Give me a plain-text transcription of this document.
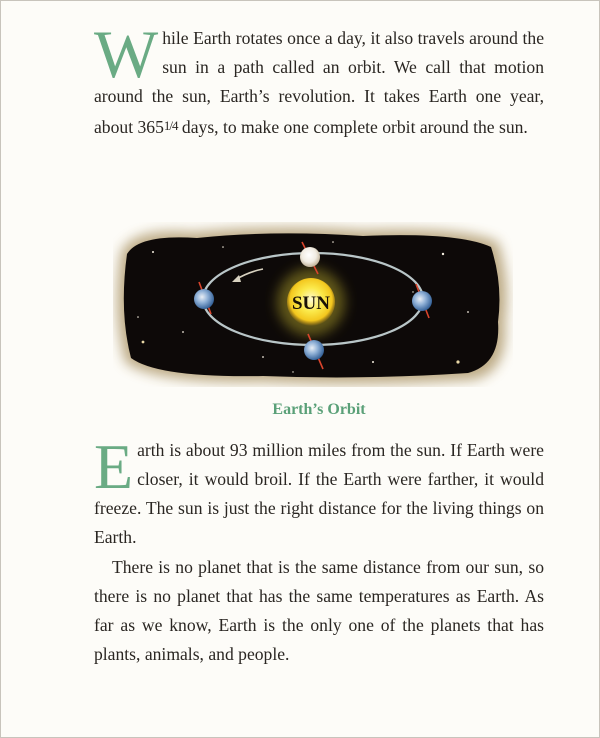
While Earth rotates once a day, it also travels around the sun in a path called an orbit. We call that motion around the sun, Earth’s revolution. It takes Earth one year, about 3651/4 days, to make one complete orbit around the sun.

SUN
Earth’s Orbit

Earth is about 93 million miles from the sun. If Earth were closer, it would broil. If the Earth were farther, it would freeze. The sun is just the right distance for the living things on Earth.

There is no planet that is the same distance from our sun, so there is no planet that has the same temperatures as Earth. As far as we know, Earth is the only one of the planets that has plants, animals, and people.
